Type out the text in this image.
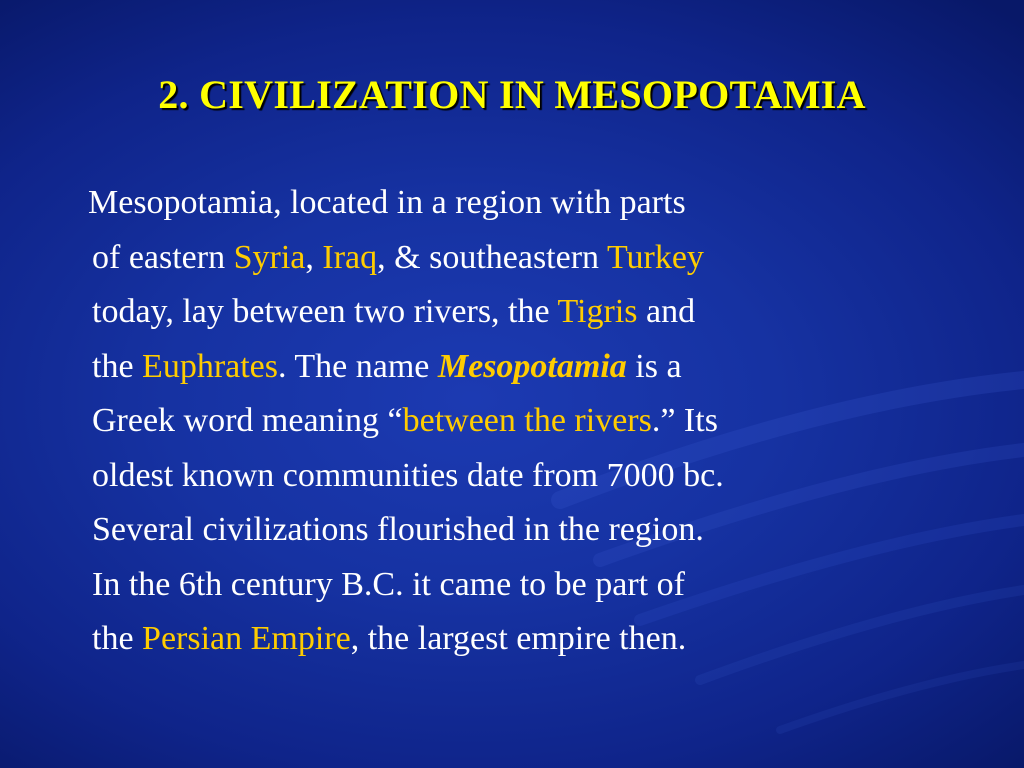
2. CIVILIZATION IN MESOPOTAMIA
Mesopotamia, located in a region with parts
of eastern Syria, Iraq, & southeastern Turkey
today, lay between two rivers, the Tigris and
the Euphrates. The name Mesopotamia is a
Greek word meaning “between the rivers.” Its
oldest known communities date from 7000 bc.
Several civilizations flourished in the region.
In the 6th century B.C. it came to be part of
the Persian Empire, the largest empire then.
